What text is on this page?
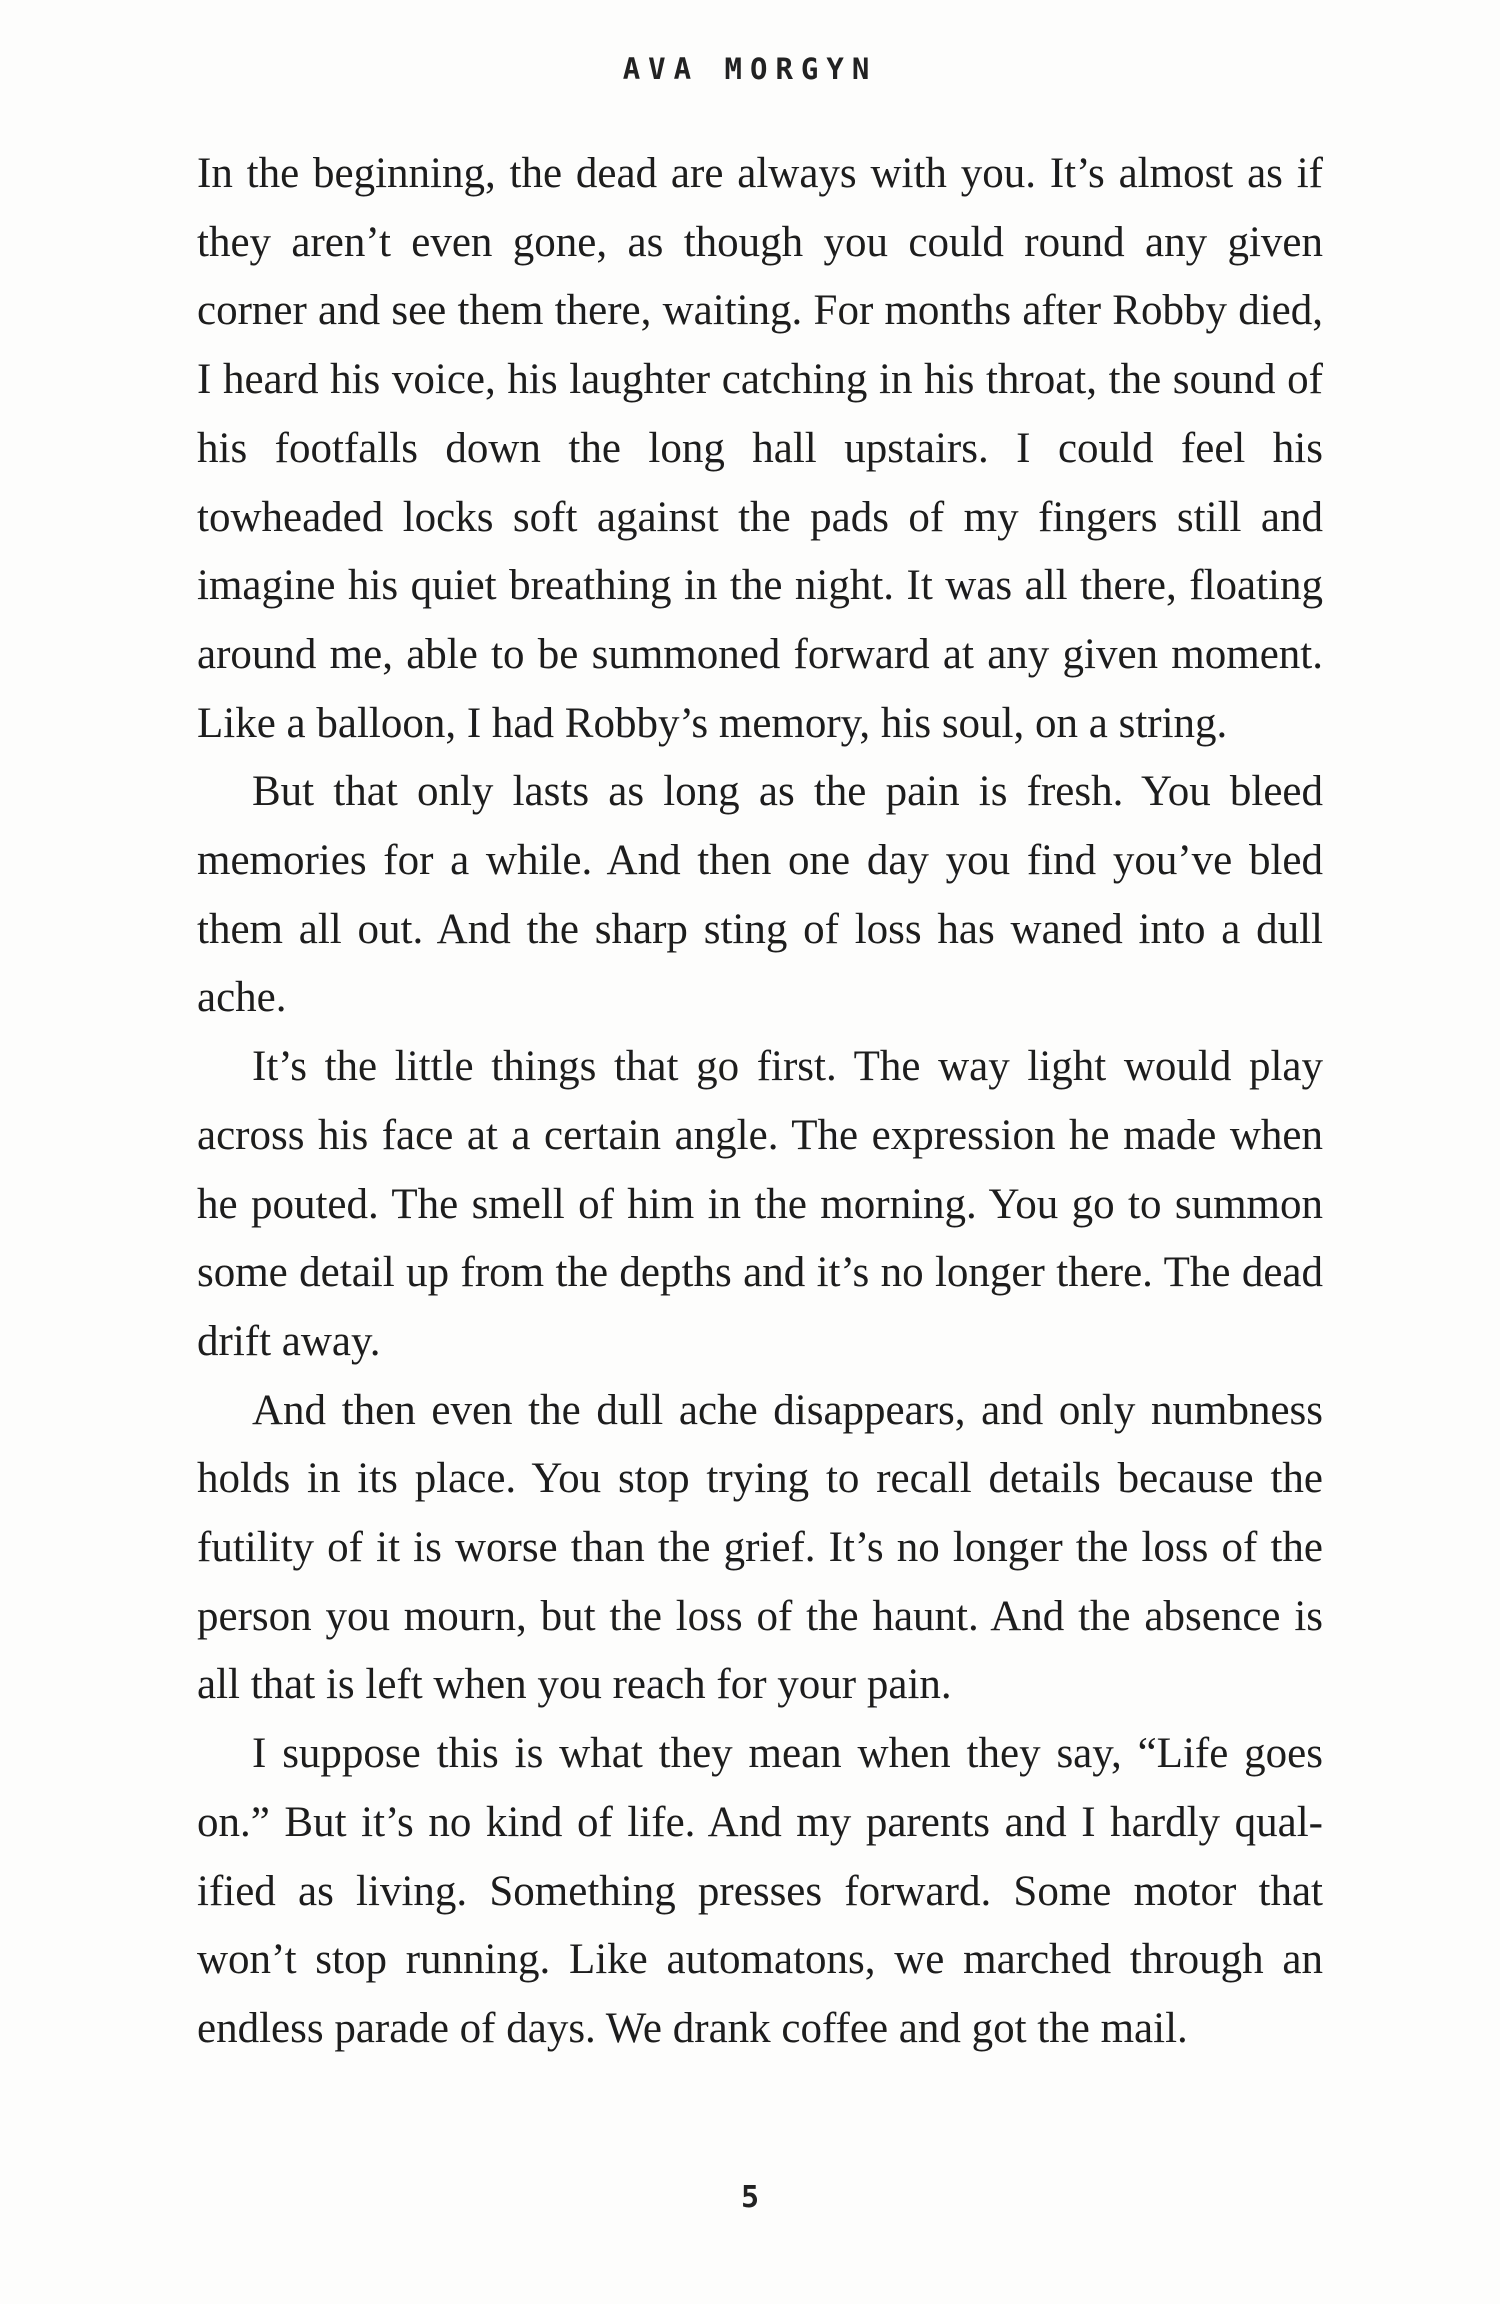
AVA MORGYN

In the beginning, the dead are always with you. It’s almost as if they aren’t even gone, as though you could round any given corner and see them there, waiting. For months after Robby died, I heard his voice, his laughter catching in his throat, the sound of his footfalls down the long hall upstairs. I could feel his towheaded locks soft against the pads of my fingers still and imagine his quiet breathing in the night. It was all there, floating around me, able to be summoned forward at any given moment. Like a balloon, I had Robby’s memory, his soul, on a string.

But that only lasts as long as the pain is fresh. You bleed memories for a while. And then one day you find you’ve bled them all out. And the sharp sting of loss has waned into a dull ache.

It’s the little things that go first. The way light would play across his face at a certain angle. The expression he made when he pouted. The smell of him in the morning. You go to summon some detail up from the depths and it’s no longer there. The dead drift away.

And then even the dull ache disappears, and only numbness holds in its place. You stop trying to recall details because the futility of it is worse than the grief. It’s no longer the loss of the person you mourn, but the loss of the haunt. And the absence is all that is left when you reach for your pain.

I suppose this is what they mean when they say, “Life goes on.” But it’s no kind of life. And my parents and I hardly qualified as living. Something presses forward. Some motor that won’t stop running. Like automatons, we marched through an endless parade of days. We drank coffee and got the mail.

5
